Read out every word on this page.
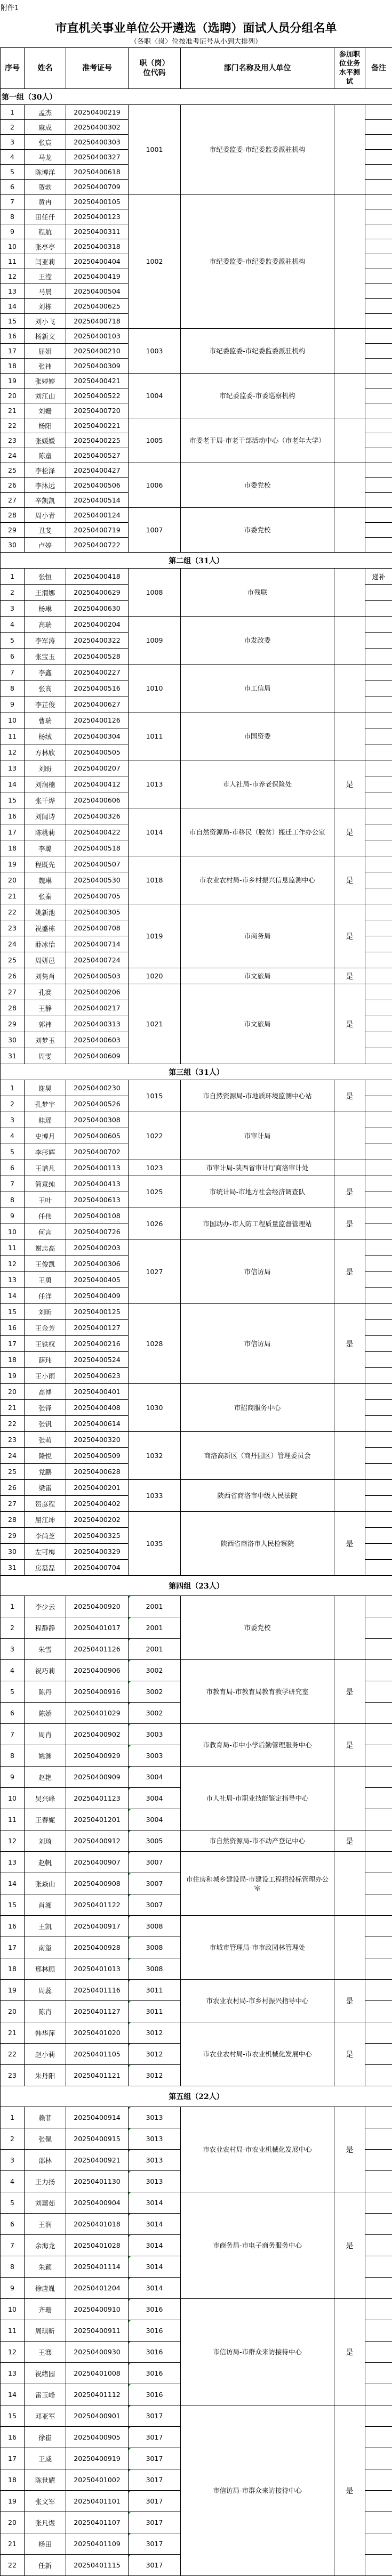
附件1
市直机关事业单位公开遴选（选聘）面试人员分组名单
（各职〈岗〉位按准考证号从小到大排列）
序号	姓名	准考证号	职（岗）位代码	部门名称及用人单位	参加职位业务水平测试	备注
第一组（30人）						
1	孟杰	20250400219	1001	市纪委监委-市纪委监委派驻机构		
2	麻成	20250400302				
3	张宸	20250400303				
4	马龙	20250400327				
5	陈博洋	20250400618				
6	贺勃	20250400709				
7	黄冉	20250400105	1002	市纪委监委-市纪委监委派驻机构		
8	田任仟	20250400123				
9	程航	20250400311				
10	张亭亭	20250400318				
11	闫亚莉	20250400404				
12	王滢	20250400419				
13	马晨	20250400504				
14	刘栋	20250400625				
15	刘小飞	20250400718				
16	杨新文	20250400103	1003	市纪委监委-市纪委监委派驻机构		
17	屈妍	20250400210				
18	张祎	20250400309				
19	张婷婷	20250400421	1004	市纪委监委-市委巡察机构		
20	刘江山	20250400522				
21	刘姗	20250400720				
22	杨阳	20250400221	1005	市委老干局-市老干部活动中心（市老年大学）		
23	张媛媛	20250400225				
24	陈童	20250400527				
25	李松泽	20250400427	1006	市委党校		
26	李沐远	20250400506				
27	辛凯凯	20250400514				
28	周小青	20250400124	1007	市委党校		
29	丑斐	20250400719				
30	卢婷	20250400722				
第二组（31人）						
1	张恒	20250400418	1008	市残联		递补
2	王渭娜	20250400629				
3	杨琳	20250400630				
4	高瑞	20250400204	1009	市发改委		
5	李军涛	20250400322				
6	张宝玉	20250400528				
7	李鑫	20250400227	1010	市工信局		
8	张高	20250400516				
9	李芷俊	20250400627				
10	曹瑞	20250400126	1011	市国资委		
11	杨绒	20250400304				
12	方林欣	20250400505				
13	刘盼	20250400207	1013	市人社局-市养老保险处	是	
14	刘润楠	20250400412				
15	张千烨	20250400606				
16	刘闻诗	20250400326	1014	市自然资源局-市移民（脱贫）搬迁工作办公室	是	
17	陈桃莉	20250400422				
18	李璐	20250400518				
19	程既先	20250400507	1018	市农业农村局-市乡村振兴信息监测中心	是	
20	魏琳	20250400530				
21	张秦	20250400705				
22	姚新池	20250400305	1019	市商务局	是	
23	祝盛栋	20250400708				
24	薛冰怡	20250400714				
25	周妍邑	20250400724				
26	刘隽肖	20250400503	1020	市文旅局	是	
27	孔赛	20250400206	1021	市文旅局	是	
28	王静	20250400217				
29	郭祎	20250400313				
30	刘梦玉	20250400603				
31	周雯	20250400609				
第三组（31人）						
1	谢昊	20250400230	1015	市自然资源局-市地质环境监测中心站	是	
2	孔梦宇	20250400526				
3	眭瑶	20250400308	1022	市审计局		
4	史博月	20250400605				
5	李彤辉	20250400702				
6	王谱凡	20250400113	1023	市审计局-陕西省审计厅商洛审计处		
7	简意纯	20250400413	1025	市统计局-市地方社会经济调查队	是	
8	王叶	20250400613				
9	任伟	20250400108	1026	市国动办-市人防工程质量监督管理站	是	
10	何言	20250400726				
11	谢志高	20250400203	1027	市信访局	是	
12	王俊凯	20250400306				
13	王勇	20250400405				
14	任洋	20250400409				
15	刘昕	20250400125	1028	市信访局	是	
16	王金芳	20250400127				
17	王铁权	20250400216				
18	薛玮	20250400524				
19	王小雨	20250400623				
20	高博	20250400401	1030	市招商服务中心		
21	张铎	20250400408				
22	张钒	20250400614				
23	张萌	20250400320	1032	商洛高新区（商丹园区）管理委员会		
24	隆悦	20250400509				
25	党鹏	20250400628				
26	梁雷	20250400201	1033	陕西省商洛市中级人民法院		
27	贺彦程	20250400402				
28	屈江坤	20250400202	1035	陕西省商洛市人民检察院	是	
29	李尚芝	20250400325				
30	左可梅	20250400329				
31	房磊磊	20250400704				
第四组（23人）						
1	李少云	20250400920	2001	市委党校		
2	程静静	20250401017	2001			
3	朱雪	20250401126	2001			
4	祝巧莉	20250400906	3002	市教育局-市教育局教育教学研究室	是	
5	陈丹	20250400916	3002			
6	陈娇	20250401029	3002			
7	周肖	20250400902	3003	市教育局-市中小学后勤管理服务中心	是	
8	姚渊	20250400929	3003			
9	赵艳	20250400909	3004	市人社局-市职业技能鉴定指导中心		
10	吴兴峰	20250401123	3004			
11	王春妮	20250401201	3004			
12	刘琦	20250400912	3005	市自然资源局-市不动产登记中心	是	
13	赵帆	20250400907	3007	市住房和城乡建设局-市建设工程招投标管理办公室		
14	张焱山	20250400908	3007			
15	肖湘	20250401122	3007			
16	王凯	20250400917	3008	市城市管理局-市市政园林管理处		
17	南玺	20250400928	3008			
18	邢林顾	20250401013	3008			
19	周蕊	20250401116	3011	市农业农村局-市乡村振兴指导中心	是	
20	陈肖	20250401127	3011			
21	韩华萍	20250401020	3012	市农业农村局-市农业机械化发展中心	是	
22	赵小莉	20250401105	3012			
23	朱丹阳	20250401121	3012			
第五组（22人）						
1	赖菲	20250400914	3013	市农业农村局-市农业机械化发展中心	是	
2	张佩	20250400915	3013			
3	邵林	20250400921	3013			
4	王力扬	20250401130	3013			
5	刘蕙茹	20250400904	3014	市商务局-市电子商务服务中心	是	
6	王润	20250401018	3014			
7	余海龙	20250401028	3014			
8	朱颖	20250401114	3014			
9	徐唐胤	20250401204	3014			
10	齐珊	20250400910	3016	市信访局-市群众来访接待中心	是	
11	周琪昕	20250400911	3016			
12	王骞	20250400930	3016			
13	祝绪园	20250401008	3016			
14	雷玉峰	20250401112	3016			
15	邓亚军	20250400901	3017	市信访局-市群众来访接待中心	是	
16	徐崔	20250400905	3017			
17	王威	20250400919	3017			
18	陈世耀	20250401002	3017			
19	张文军	20250401101	3017			
20	张凡煜	20250401107	3017			
21	杨田	20250401109	3017			
22	任新	20250401115	3017			
